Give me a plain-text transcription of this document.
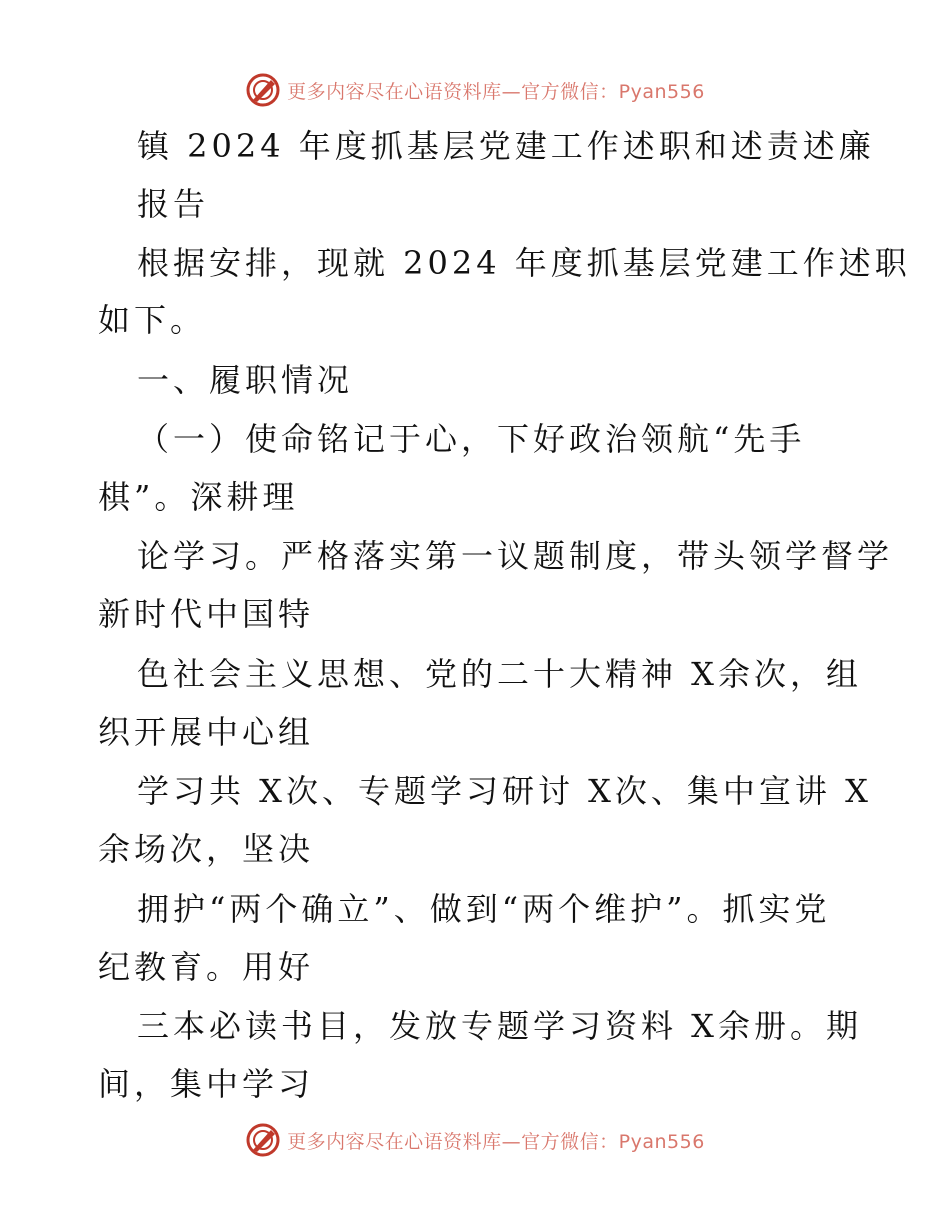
更多内容尽在心语资料库—官方微信：Pyan556
镇 2024 年度抓基层党建工作述职和述责述廉
报告
根据安排，现就 2024 年度抓基层党建工作述职
如下。
一、履职情况
（一）使命铭记于心，下好政治领航“先手
棋”。深耕理
论学习。严格落实第一议题制度，带头领学督学
新时代中国特
色社会主义思想、党的二十大精神 X余次，组
织开展中心组
学习共 X次、专题学习研讨 X次、集中宣讲 X
余场次，坚决
拥护“两个确立”、做到“两个维护”。抓实党
纪教育。用好
三本必读书目，发放专题学习资料 X余册。期
间，集中学习
更多内容尽在心语资料库—官方微信：Pyan556
